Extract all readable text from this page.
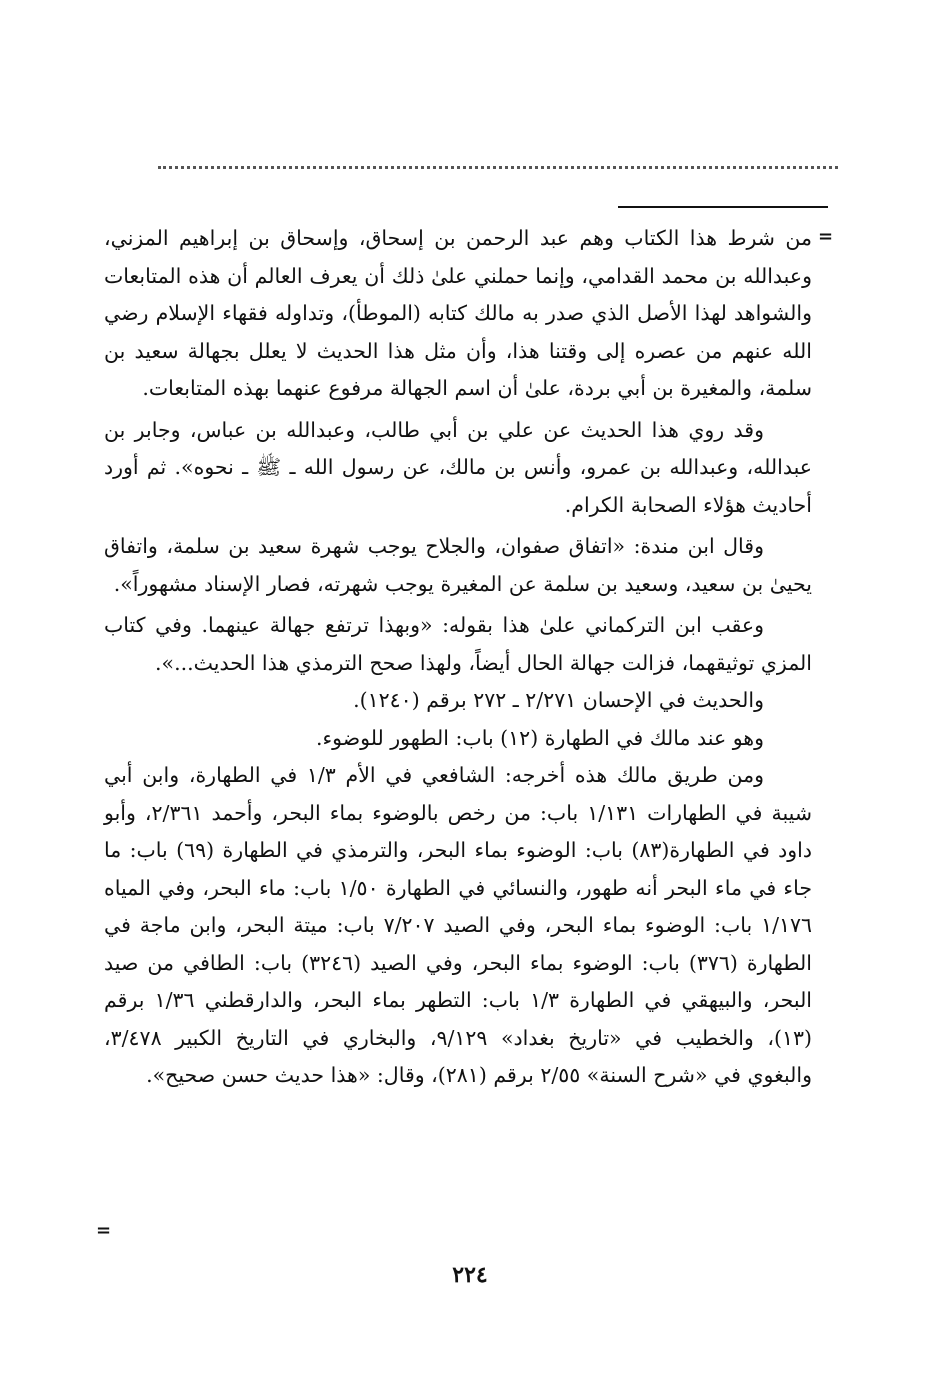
=

من شرط هذا الكتاب وهم عبد الرحمن بن إسحاق، وإسحاق بن إبراهيم المزني، وعبدالله بن محمد القدامي، وإنما حملني علىٰ ذلك أن يعرف العالم أن هذه المتابعات والشواهد لهذا الأصل الذي صدر به مالك كتابه (الموطأ)، وتداوله فقهاء الإسلام رضي الله عنهم من عصره إلى وقتنا هذا، وأن مثل هذا الحديث لا يعلل بجهالة سعيد بن سلمة، والمغيرة بن أبي بردة، علىٰ أن اسم الجهالة مرفوع عنهما بهذه المتابعات.

وقد روي هذا الحديث عن علي بن أبي طالب، وعبدالله بن عباس، وجابر بن عبدالله، وعبدالله بن عمرو، وأنس بن مالك، عن رسول الله ـ ﷺ ـ نحوه». ثم أورد أحاديث هؤلاء الصحابة الكرام.

وقال ابن مندة: «اتفاق صفوان، والجلاح يوجب شهرة سعيد بن سلمة، واتفاق يحيىٰ بن سعيد، وسعيد بن سلمة عن المغيرة يوجب شهرته، فصار الإسناد مشهوراً».

وعقب ابن التركماني علىٰ هذا بقوله: «وبهذا ترتفع جهالة عينهما. وفي كتاب المزي توثيقهما، فزالت جهالة الحال أيضاً، ولهذا صحح الترمذي هذا الحديث...».

والحديث في الإحسان ٢/٢٧١ ـ ٢٧٢ برقم (١٢٤٠).

وهو عند مالك في الطهارة (١٢) باب: الطهور للوضوء.

ومن طريق مالك هذه أخرجه: الشافعي في الأم ١/٣ في الطهارة، وابن أبي شيبة في الطهارات ١/١٣١ باب: من رخص بالوضوء بماء البحر، وأحمد ٢/٣٦١، وأبو داود في الطهارة(٨٣) باب: الوضوء بماء البحر، والترمذي في الطهارة (٦٩) باب: ما جاء في ماء البحر أنه طهور، والنسائي في الطهارة ١/٥٠ باب: ماء البحر، وفي المياه ١/١٧٦ باب: الوضوء بماء البحر، وفي الصيد ٧/٢٠٧ باب: ميتة البحر، وابن ماجة في الطهارة (٣٧٦) باب: الوضوء بماء البحر، وفي الصيد (٣٢٤٦) باب: الطافي من صيد البحر، والبيهقي في الطهارة ١/٣ باب: التطهر بماء البحر، والدارقطني ١/٣٦ برقم (١٣)، والخطيب في «تاريخ بغداد» ٩/١٢٩، والبخاري في التاريخ الكبير ٣/٤٧٨، والبغوي في «شرح السنة» ٢/٥٥ برقم (٢٨١)، وقال: «هذا حديث حسن صحيح».

=
٢٢٤
